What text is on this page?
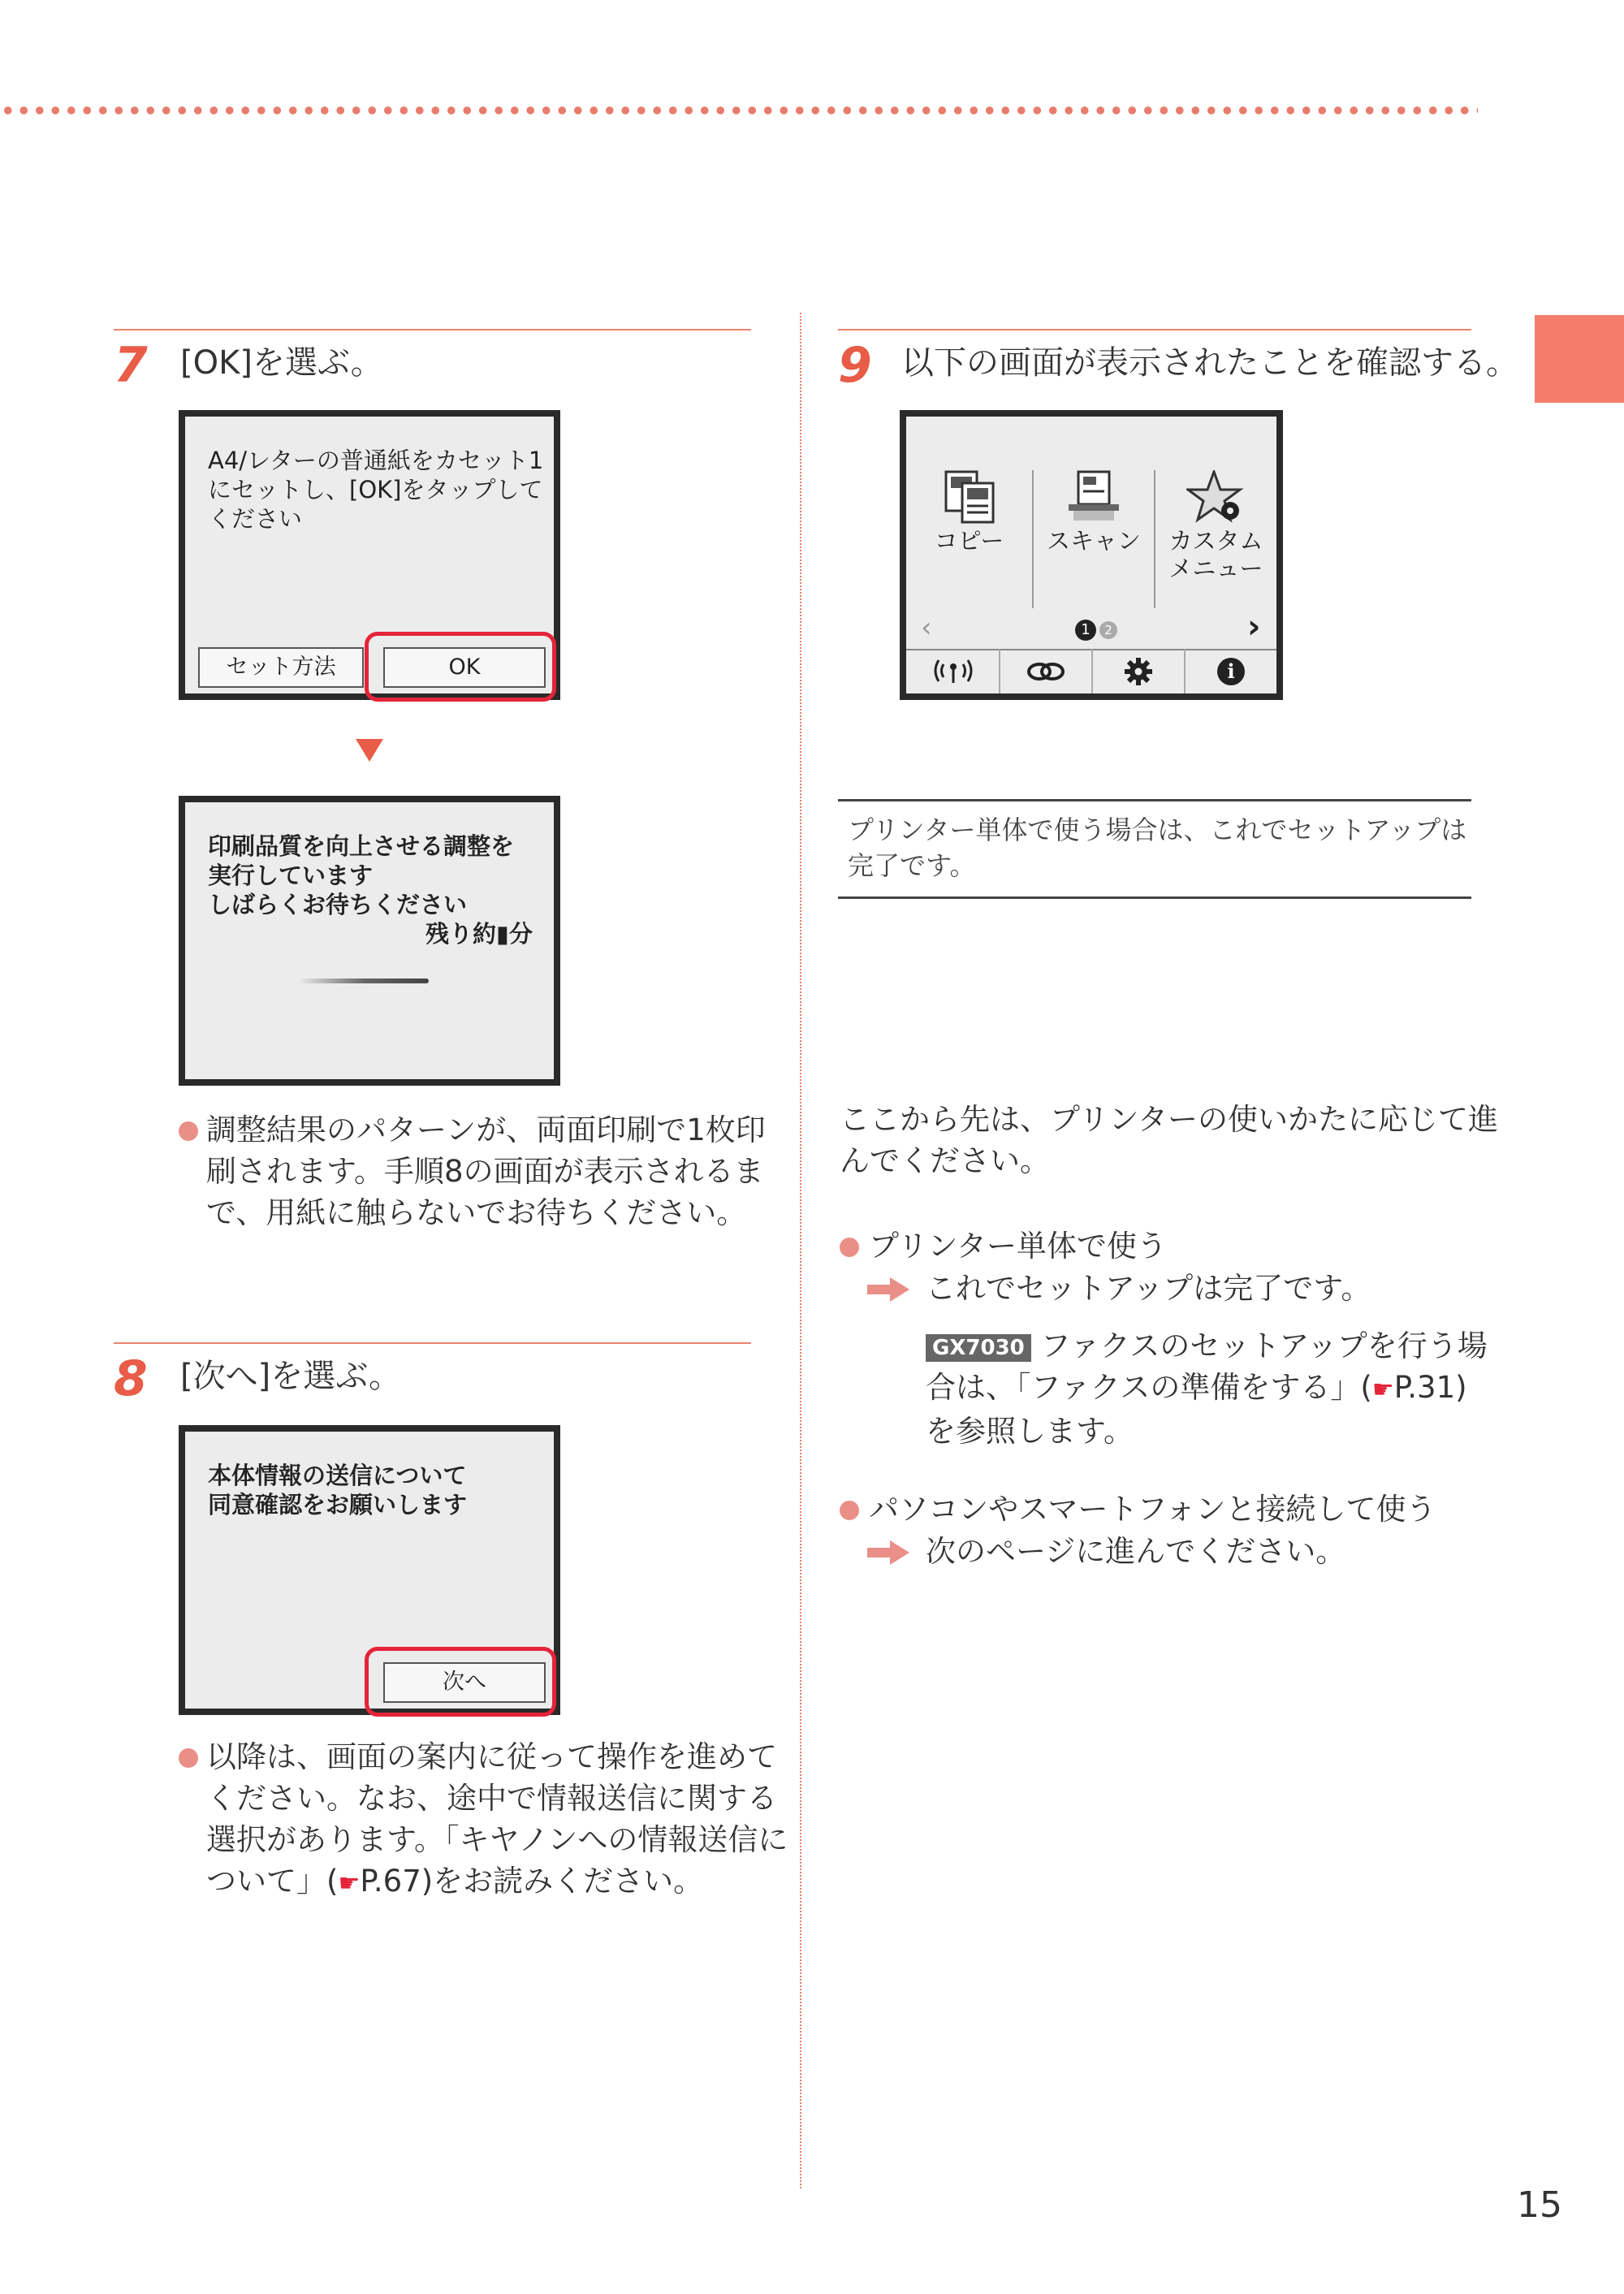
7 [OK]を選ぶ。
A4/レターの普通紙をカセット1
にセットし、[OK]をタップして
ください
セット方法	OK
印刷品質を向上させる調整を
実行しています
しばらくお待ちください
残り約▮分
調整結果のパターンが、両面印刷で1枚印
刷されます。手順8の画面が表示されるま
で、用紙に触らないでお待ちください。
8 [次へ]を選ぶ。
本体情報の送信について
同意確認をお願いします
次へ
以降は、画面の案内に従って操作を進めて
ください。なお、途中で情報送信に関する
選択があります。「キヤノンへの情報送信に
ついて」(☛P.67)をお読みください。
9 以下の画面が表示されたことを確認する。
コピー	スキャン	カスタム
メニュー
‹	1	2	›
i
プリンター単体で使う場合は、これでセットアップは
完了です。
ここから先は、プリンターの使いかたに応じて進
んでください。
プリンター単体で使う
これでセットアップは完了です。
GX7030 ファクスのセットアップを行う場
合は、「ファクスの準備をする」(☛P.31)
を参照します。
パソコンやスマートフォンと接続して使う
次のページに進んでください。
15
